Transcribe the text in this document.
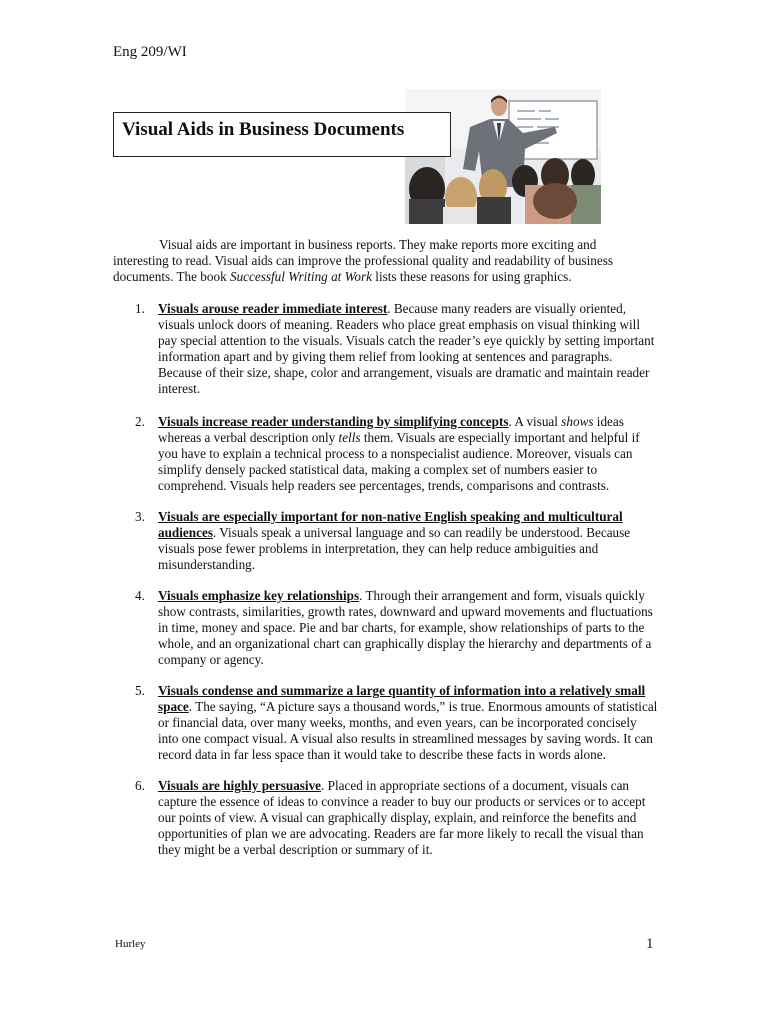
Eng 209/WI
Visual Aids in Business Documents

Visual aids are important in business reports. They make reports more exciting and interesting to read. Visual aids can improve the professional quality and readability of business documents. The book Successful Writing at Work lists these reasons for using graphics.

1. Visuals arouse reader immediate interest. Because many readers are visually oriented, visuals unlock doors of meaning. Readers who place great emphasis on visual thinking will pay special attention to the visuals. Visuals catch the reader’s eye quickly by setting important information apart and by giving them relief from looking at sentences and paragraphs. Because of their size, shape, color and arrangement, visuals are dramatic and maintain reader interest.
2. Visuals increase reader understanding by simplifying concepts. A visual shows ideas whereas a verbal description only tells them. Visuals are especially important and helpful if you have to explain a technical process to a nonspecialist audience. Moreover, visuals can simplify densely packed statistical data, making a complex set of numbers easier to comprehend. Visuals help readers see percentages, trends, comparisons and contrasts.
3. Visuals are especially important for non-native English speaking and multicultural audiences. Visuals speak a universal language and so can readily be understood. Because visuals pose fewer problems in interpretation, they can help reduce ambiguities and misunderstanding.
4. Visuals emphasize key relationships. Through their arrangement and form, visuals quickly show contrasts, similarities, growth rates, downward and upward movements and fluctuations in time, money and space. Pie and bar charts, for example, show relationships of parts to the whole, and an organizational chart can graphically display the hierarchy and departments of a company or agency.
5. Visuals condense and summarize a large quantity of information into a relatively small space. The saying, “A picture says a thousand words,” is true. Enormous amounts of statistical or financial data, over many weeks, months, and even years, can be incorporated concisely into one compact visual. A visual also results in streamlined messages by saving words. It can record data in far less space than it would take to describe these facts in words alone.
6. Visuals are highly persuasive. Placed in appropriate sections of a document, visuals can capture the essence of ideas to convince a reader to buy our products or services or to accept our points of view. A visual can graphically display, explain, and reinforce the benefits and opportunities of plan we are advocating. Readers are far more likely to recall the visual than they might be a verbal description or summary of it.
Hurley	1
